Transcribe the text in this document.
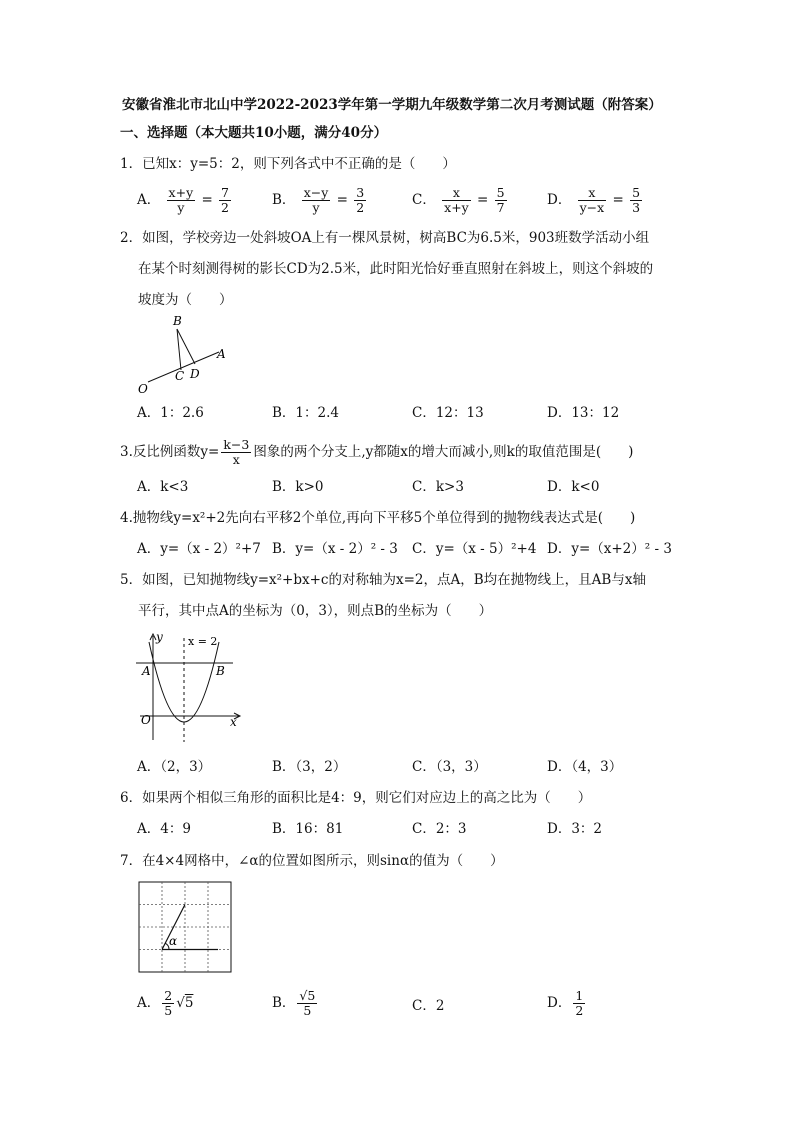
安徽省淮北市北山中学2022-2023学年第一学期九年级数学第二次月考测试题（附答案）
一、选择题（本大题共10小题，满分40分）
1．已知x：y=5：2，则下列各式中不正确的是（　　）
A． $\frac{x+y}{y} = \frac{7}{2}$	B． $\frac{x-y}{y} = \frac{3}{2}$	C． $\frac{x}{x+y} = \frac{5}{7}$	D． $\frac{x}{y-x} = \frac{5}{3}$
2．如图，学校旁边一处斜坡OA上有一棵风景树，树高BC为6.5米，903班数学活动小组
在某个时刻测得树的影长CD为2.5米，此时阳光恰好垂直照射在斜坡上，则这个斜坡的
坡度为（　　）
B
A
O
C D
A．1：2.6	B．1：2.4	C．12：13	D．13：12
3.反比例函数$y= \frac{k-3}{x}$ 图象的两个分支上,y都随x的增大而减小,则k的取值范围是(　　)
A．k<3	B．k>0	C．k>3	D．k<0
4.抛物线y=x²+2先向右平移2个单位,再向下平移5个单位得到的抛物线表达式是(　　)
A．y=（x - 2）²+7 B．y=（x - 2）² - 3 C．y=（x - 5）²+4 D．y=（x+2）² - 3
5．如图，已知抛物线y=x²+bx+c的对称轴为x=2，点A，B均在抛物线上，且AB与x轴
平行，其中点A的坐标为（0，3），则点B的坐标为（　　）
y
x
O
A	B
x = 2
A．（2，3）	B．（3，2）	C．（3，3）	D．（4，3）
6．如果两个相似三角形的面积比是4：9，则它们对应边上的高之比为（　　）
A．4：9	B．16：81	C．2：3	D．3：2
7．在4×4网格中，∠α的位置如图所示，则sinα的值为（　　）
α
A． $\frac{2}{5} √5$	B． $\frac{√5}{5}$	C．2	D． $\frac{1}{2}$
